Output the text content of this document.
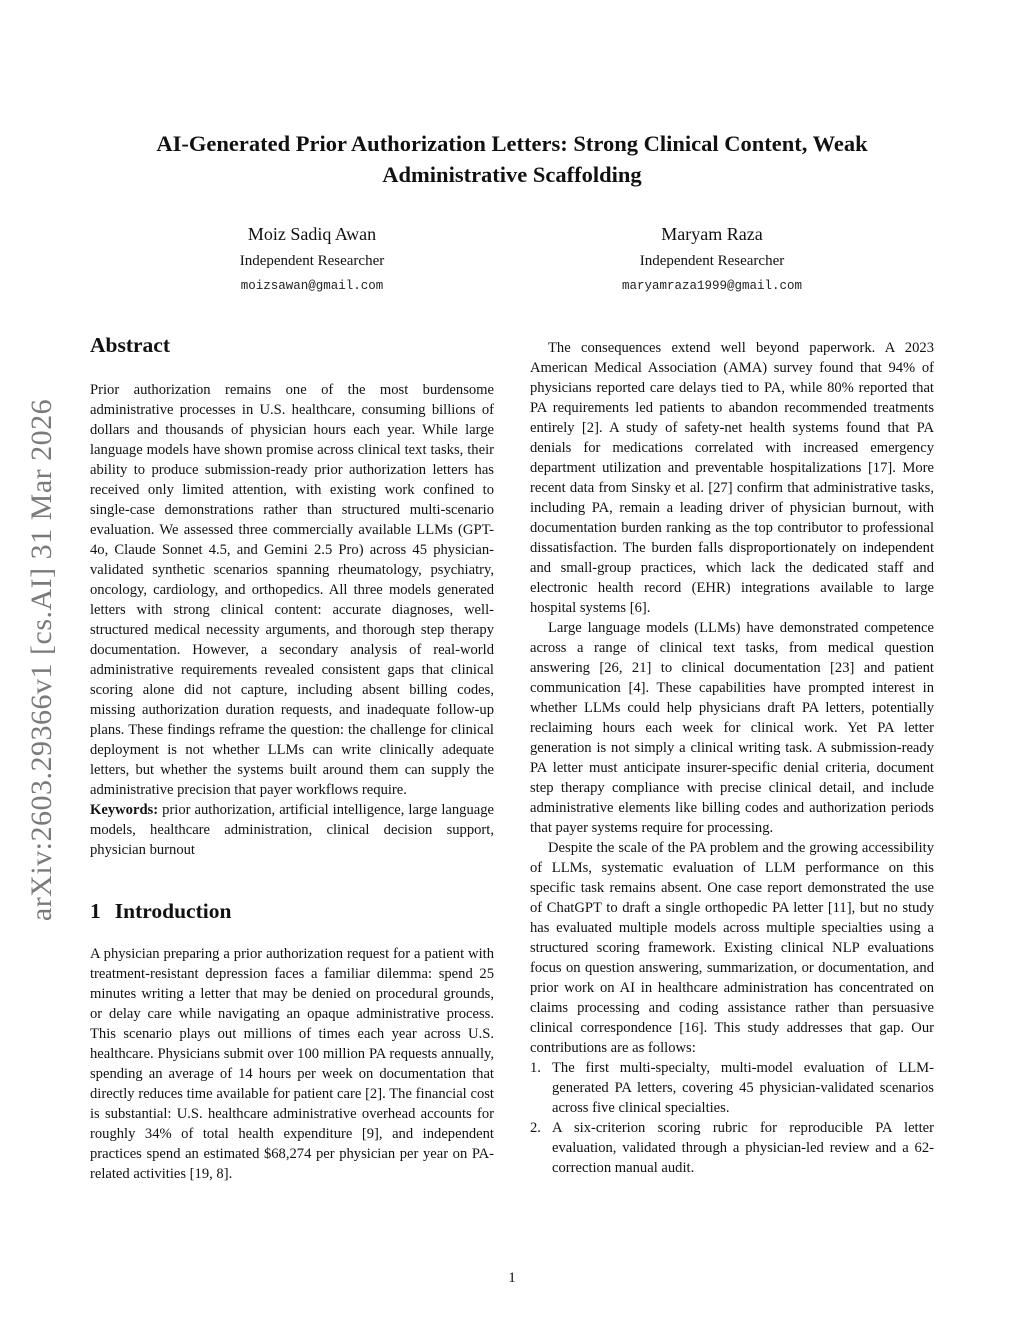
arXiv:2603.29366v1 [cs.AI] 31 Mar 2026
AI-Generated Prior Authorization Letters: Strong Clinical Content, Weak Administrative Scaffolding
Moiz Sadiq Awan
Independent Researcher
moizsawan@gmail.com
Maryam Raza
Independent Researcher
maryamraza1999@gmail.com
Abstract

Prior authorization remains one of the most burdensome administrative processes in U.S. healthcare, consuming billions of dollars and thousands of physician hours each year. While large language models have shown promise across clinical text tasks, their ability to produce submission-ready prior authorization letters has received only limited attention, with existing work confined to single-case demonstrations rather than structured multi-scenario evaluation. We assessed three commercially available LLMs (GPT-4o, Claude Sonnet 4.5, and Gemini 2.5 Pro) across 45 physician-validated synthetic scenarios spanning rheumatology, psychiatry, oncology, cardiology, and orthopedics. All three models generated letters with strong clinical content: accurate diagnoses, well-structured medical necessity arguments, and thorough step therapy documentation. However, a secondary analysis of real-world administrative requirements revealed consistent gaps that clinical scoring alone did not capture, including absent billing codes, missing authorization duration requests, and inadequate follow-up plans. These findings reframe the question: the challenge for clinical deployment is not whether LLMs can write clinically adequate letters, but whether the systems built around them can supply the administrative precision that payer workflows require.

Keywords: prior authorization, artificial intelligence, large language models, healthcare administration, clinical decision support, physician burnout

1 Introduction

A physician preparing a prior authorization request for a patient with treatment-resistant depression faces a familiar dilemma: spend 25 minutes writing a letter that may be denied on procedural grounds, or delay care while navigating an opaque administrative process. This scenario plays out millions of times each year across U.S. healthcare. Physicians submit over 100 million PA requests annually, spending an average of 14 hours per week on documentation that directly reduces time available for patient care [2]. The financial cost is substantial: U.S. healthcare administrative overhead accounts for roughly 34% of total health expenditure [9], and independent practices spend an estimated $68,274 per physician per year on PA-related activities [19, 8].

The consequences extend well beyond paperwork. A 2023 American Medical Association (AMA) survey found that 94% of physicians reported care delays tied to PA, while 80% reported that PA requirements led patients to abandon recommended treatments entirely [2]. A study of safety-net health systems found that PA denials for medications correlated with increased emergency department utilization and preventable hospitalizations [17]. More recent data from Sinsky et al. [27] confirm that administrative tasks, including PA, remain a leading driver of physician burnout, with documentation burden ranking as the top contributor to professional dissatisfaction. The burden falls disproportionately on independent and small-group practices, which lack the dedicated staff and electronic health record (EHR) integrations available to large hospital systems [6].

Large language models (LLMs) have demonstrated competence across a range of clinical text tasks, from medical question answering [26, 21] to clinical documentation [23] and patient communication [4]. These capabilities have prompted interest in whether LLMs could help physicians draft PA letters, potentially reclaiming hours each week for clinical work. Yet PA letter generation is not simply a clinical writing task. A submission-ready PA letter must anticipate insurer-specific denial criteria, document step therapy compliance with precise clinical detail, and include administrative elements like billing codes and authorization periods that payer systems require for processing.

Despite the scale of the PA problem and the growing accessibility of LLMs, systematic evaluation of LLM performance on this specific task remains absent. One case report demonstrated the use of ChatGPT to draft a single orthopedic PA letter [11], but no study has evaluated multiple models across multiple specialties using a structured scoring framework. Existing clinical NLP evaluations focus on question answering, summarization, or documentation, and prior work on AI in healthcare administration has concentrated on claims processing and coding assistance rather than persuasive clinical correspondence [16]. This study addresses that gap. Our contributions are as follows:

1. The first multi-specialty, multi-model evaluation of LLM-generated PA letters, covering 45 physician-validated scenarios across five clinical specialties.
2. A six-criterion scoring rubric for reproducible PA letter evaluation, validated through a physician-led review and a 62-correction manual audit.
1
